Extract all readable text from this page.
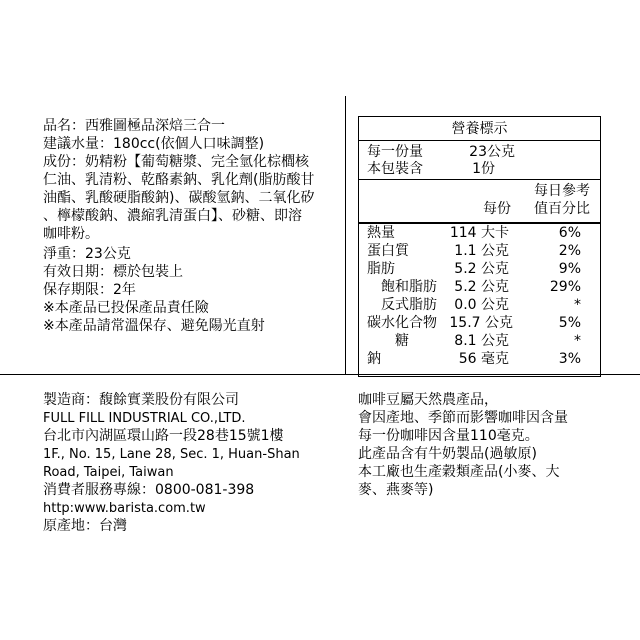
品名：西雅圖極品深焙三合一
建議水量：180cc(依個人口味調整)
成份：奶精粉【葡萄糖漿、完全氫化棕櫚核
仁油、乳清粉、乾酪素鈉、乳化劑(脂肪酸甘
油酯、乳酸硬脂酸鈉)、碳酸氫鈉、二氧化矽
、檸檬酸鈉、濃縮乳清蛋白】、砂糖、即溶
咖啡粉。
淨重：23公克
有效日期：標於包裝上
保存期限：2年
※本產品已投保產品責任險
※本產品請常溫保存、避免陽光直射
營養標示
每一份量	23公克
本包裝含	1份
每日參考
每份	值百分比
熱量	114 大卡	6%
蛋白質	1.1 公克	2%
脂肪	5.2 公克	9%
飽和脂肪	5.2 公克	29%
反式脂肪	0.0 公克	*
碳水化合物 15.7 公克	5%
糖	8.1 公克	*
鈉	56 毫克	3%
製造商：馥餘實業股份有限公司
FULL FILL INDUSTRIAL CO.,LTD.
台北市內湖區環山路一段28巷15號1樓
1F., No. 15, Lane 28, Sec. 1, Huan-Shan
Road, Taipei, Taiwan
消費者服務專線：0800-081-398
http:www.barista.com.tw
原產地：台灣
咖啡豆屬天然農產品，
會因產地、季節而影響咖啡因含量
每一份咖啡因含量110毫克。
此產品含有牛奶製品(過敏原)
本工廠也生產穀類產品(小麥、大
麥、燕麥等)
